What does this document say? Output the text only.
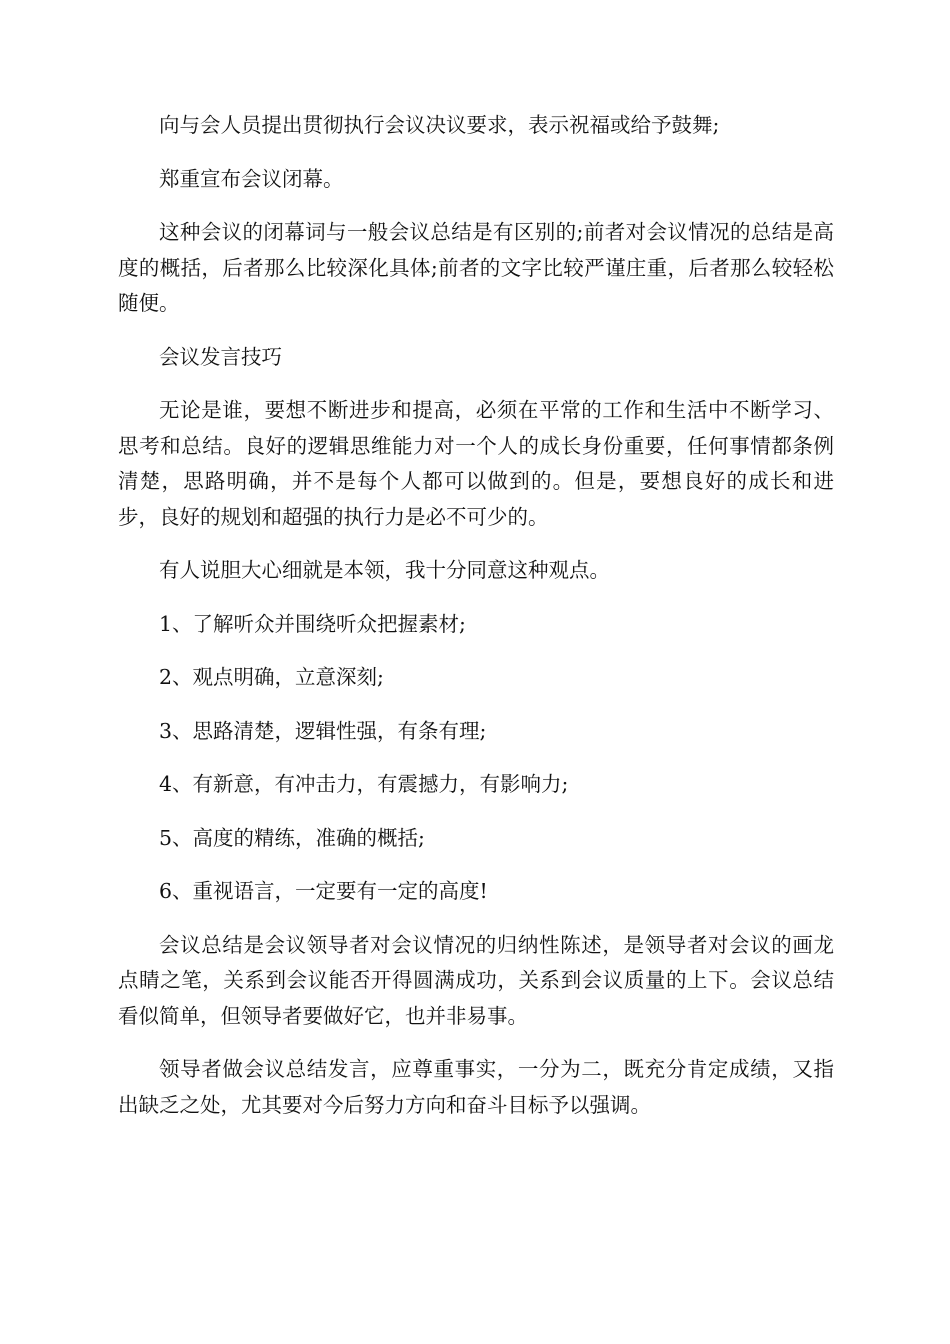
向与会人员提出贯彻执行会议决议要求，表示祝福或给予鼓舞;

郑重宣布会议闭幕。

这种会议的闭幕词与一般会议总结是有区别的;前者对会议情况的总结是高度的概括，后者那么比较深化具体;前者的文字比较严谨庄重，后者那么较轻松随便。

会议发言技巧

无论是谁，要想不断进步和提高，必须在平常的工作和生活中不断学习、思考和总结。良好的逻辑思维能力对一个人的成长身份重要，任何事情都条例清楚，思路明确，并不是每个人都可以做到的。但是，要想良好的成长和进步，良好的规划和超强的执行力是必不可少的。

有人说胆大心细就是本领，我十分同意这种观点。

1、了解听众并围绕听众把握素材;

2、观点明确，立意深刻;

3、思路清楚，逻辑性强，有条有理;

4、有新意，有冲击力，有震撼力，有影响力;

5、高度的精练，准确的概括;

6、重视语言，一定要有一定的高度!

会议总结是会议领导者对会议情况的归纳性陈述，是领导者对会议的画龙点睛之笔，关系到会议能否开得圆满成功，关系到会议质量的上下。会议总结看似简单，但领导者要做好它，也并非易事。

领导者做会议总结发言，应尊重事实，一分为二，既充分肯定成绩，又指出缺乏之处，尤其要对今后努力方向和奋斗目标予以强调。
